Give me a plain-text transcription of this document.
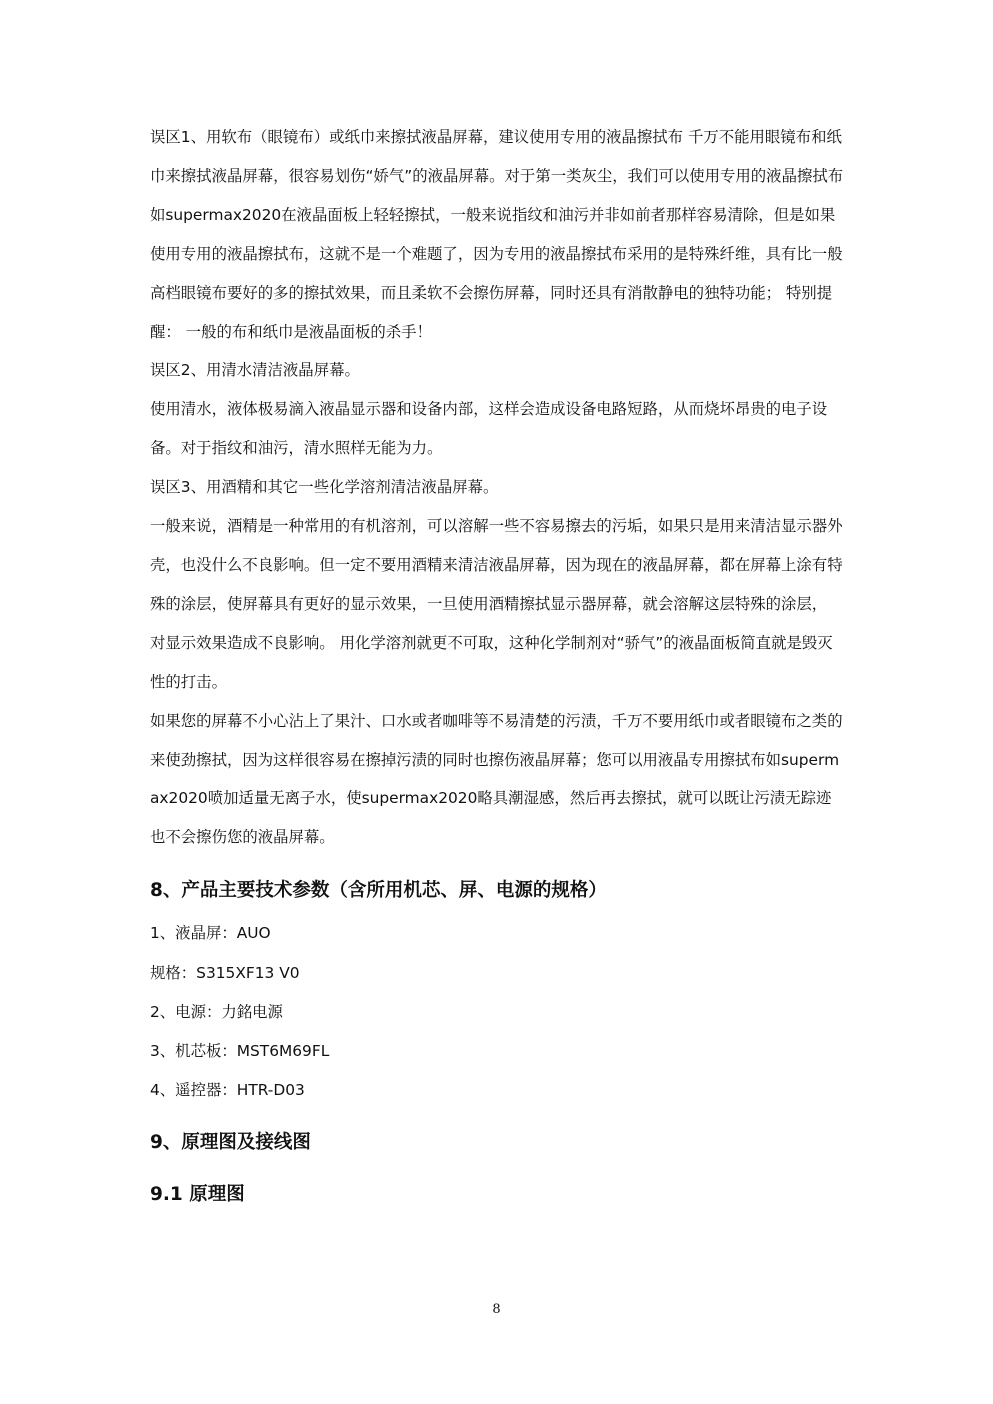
误区1、用软布（眼镜布）或纸巾来擦拭液晶屏幕，建议使用专用的液晶擦拭布 千万不能用眼镜布和纸巾来擦拭液晶屏幕，很容易划伤“娇气”的液晶屏幕。对于第一类灰尘，我们可以使用专用的液晶擦拭布如supermax2020在液晶面板上轻轻擦拭，一般来说指纹和油污并非如前者那样容易清除，但是如果使用专用的液晶擦拭布，这就不是一个难题了，因为专用的液晶擦拭布采用的是特殊纤维，具有比一般高档眼镜布要好的多的擦拭效果，而且柔软不会擦伤屏幕，同时还具有消散静电的独特功能； 特别提醒： 一般的布和纸巾是液晶面板的杀手！

误区2、用清水清洁液晶屏幕。

使用清水，液体极易滴入液晶显示器和设备内部，这样会造成设备电路短路，从而烧坏昂贵的电子设备。对于指纹和油污，清水照样无能为力。

误区3、用酒精和其它一些化学溶剂清洁液晶屏幕。

一般来说，酒精是一种常用的有机溶剂，可以溶解一些不容易擦去的污垢，如果只是用来清洁显示器外壳，也没什么不良影响。但一定不要用酒精来清洁液晶屏幕，因为现在的液晶屏幕，都在屏幕上涂有特殊的涂层，使屏幕具有更好的显示效果，一旦使用酒精擦拭显示器屏幕，就会溶解这层特殊的涂层， 对显示效果造成不良影响。 用化学溶剂就更不可取，这种化学制剂对“骄气”的液晶面板简直就是毁灭性的打击。

如果您的屏幕不小心沾上了果汁、口水或者咖啡等不易清楚的污渍，千万不要用纸巾或者眼镜布之类的来使劲擦拭，因为这样很容易在擦掉污渍的同时也擦伤液晶屏幕；您可以用液晶专用擦拭布如supermax2020喷加适量无离子水，使supermax2020略具潮湿感，然后再去擦拭，就可以既让污渍无踪迹也不会擦伤您的液晶屏幕。

8、产品主要技术参数（含所用机芯、屏、电源的规格）

1、液晶屏：AUO

规格：S315XF13 V0

2、电源：力銘电源

3、机芯板：MST6M69FL

4、遥控器：HTR-D03

9、原理图及接线图
9.1 原理图
8
